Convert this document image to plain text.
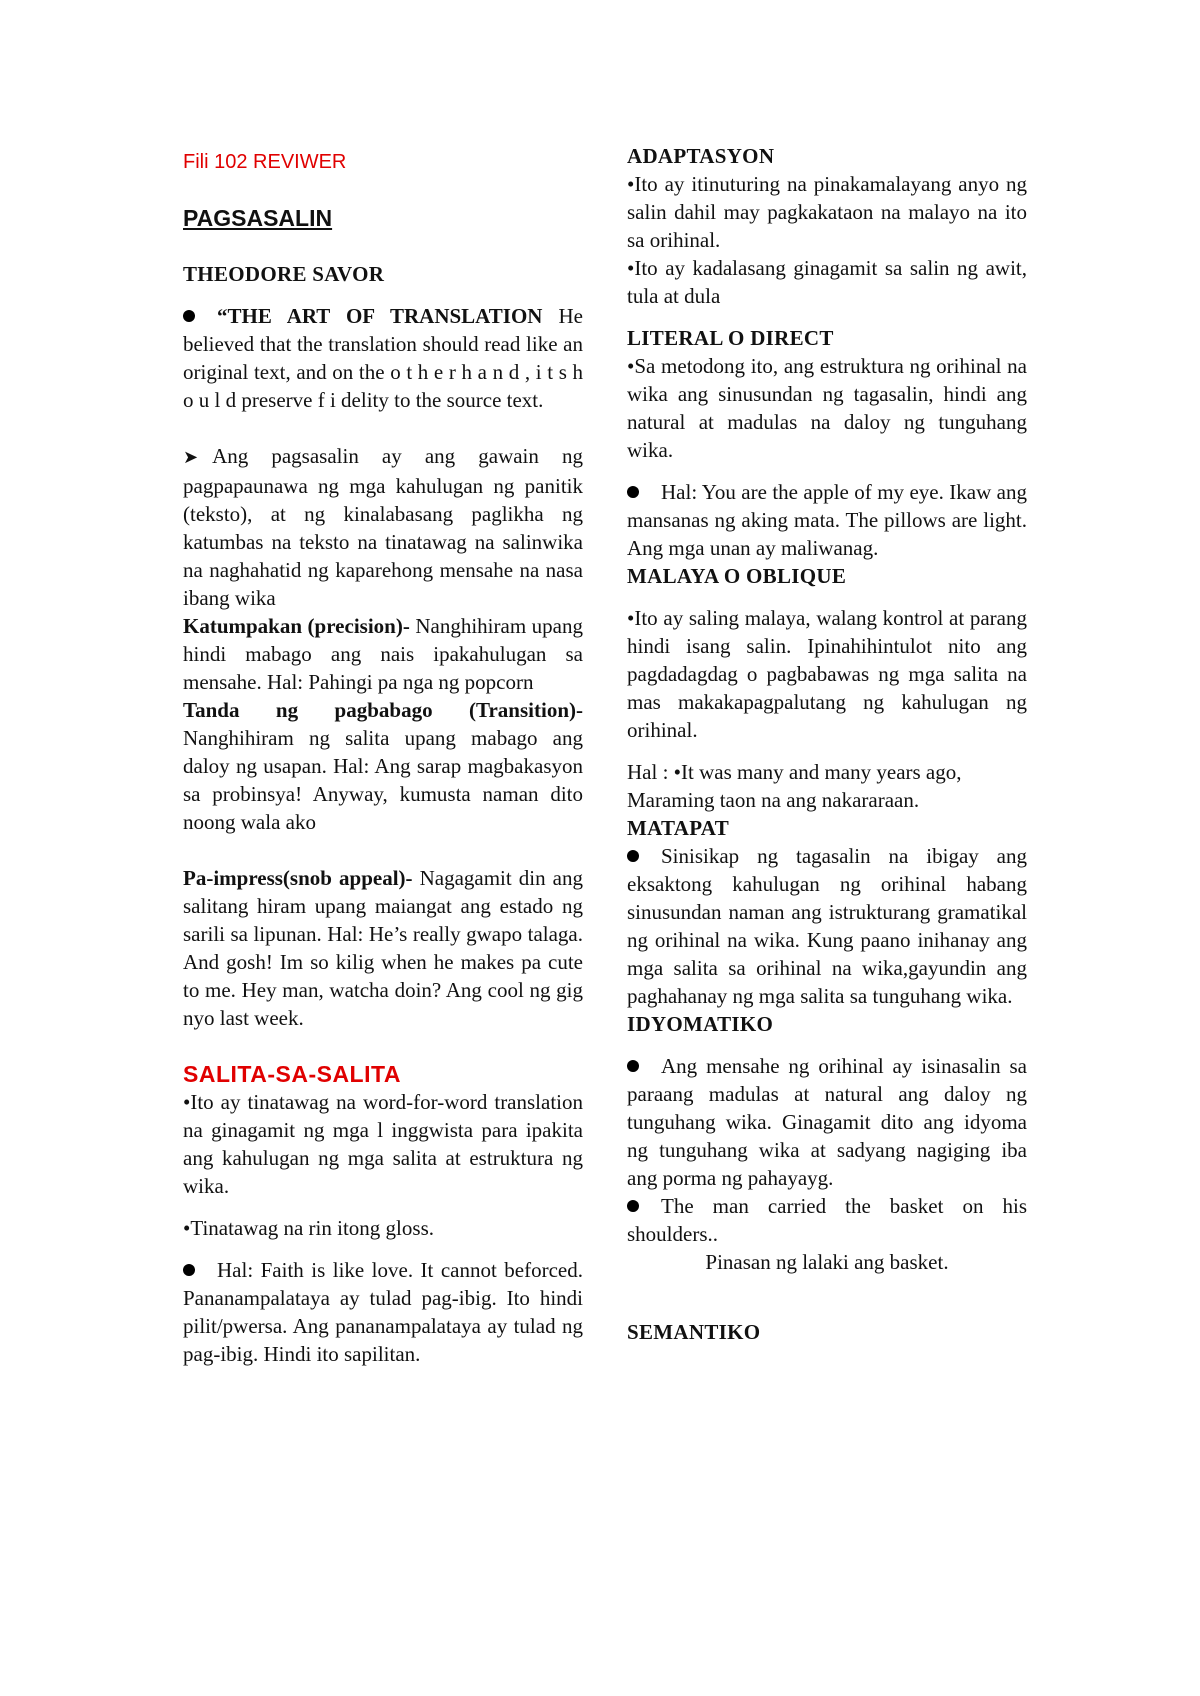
Fili 102 REVIWER

PAGSASALIN

THEODORE SAVOR

“THE ART OF TRANSLATION He believed that the translation should read like an original text, and on the o t h e r h a n d , i t s h o u l d preserve f i delity to the source text.

➤ Ang pagsasalin ay ang gawain ng pagpapaunawa ng mga kahulugan ng panitik (teksto), at ng kinalabasang paglikha ng katumbas na teksto na tinatawag na salinwika na naghahatid ng kaparehong mensahe na nasa ibang wika

Katumpakan (precision)- Nanghihiram upang hindi mabago ang nais ipakahulugan sa mensahe. Hal: Pahingi pa nga ng popcorn

Tanda ng pagbabago (Transition)- Nanghihiram ng salita upang mabago ang daloy ng usapan. Hal: Ang sarap magbakasyon sa probinsya! Anyway, kumusta naman dito noong wala ako

Pa-impress(snob appeal)- Nagagamit din ang salitang hiram upang maiangat ang estado ng sarili sa lipunan. Hal: He’s really gwapo talaga. And gosh! Im so kilig when he makes pa cute to me. Hey man, watcha doin? Ang cool ng gig nyo last week.

SALITA-SA-SALITA

•Ito ay tinatawag na word-for-word translation na ginagamit ng mga l inggwista para ipakita ang kahulugan ng mga salita at estruktura ng wika.

•Tinatawag na rin itong gloss.

Hal: Faith is like love. It cannot beforced. Pananampalataya ay tulad pag-ibig. Ito hindi pilit/pwersa. Ang pananampalataya ay tulad ng pag-ibig. Hindi ito sapilitan.

ADAPTASYON

•Ito ay itinuturing na pinakamalayang anyo ng salin dahil may pagkakataon na malayo na ito sa orihinal.

•Ito ay kadalasang ginagamit sa salin ng awit, tula at dula

LITERAL O DIRECT

•Sa metodong ito, ang estruktura ng orihinal na wika ang sinusundan ng tagasalin, hindi ang natural at madulas na daloy ng tunguhang wika.

Hal: You are the apple of my eye. Ikaw ang mansanas ng aking mata. The pillows are light. Ang mga unan ay maliwanag.

MALAYA O OBLIQUE

•Ito ay saling malaya, walang kontrol at parang hindi isang salin. Ipinahihintulot nito ang pagdadagdag o pagbabawas ng mga salita na mas makakapagpalutang ng kahulugan ng orihinal.

Hal : •It was many and many years ago, Maraming taon na ang nakararaan.

MATAPAT

Sinisikap ng tagasalin na ibigay ang eksaktong kahulugan ng orihinal habang sinusundan naman ang istrukturang gramatikal ng orihinal na wika. Kung paano inihanay ang mga salita sa orihinal na wika,gayundin ang paghahanay ng mga salita sa tunguhang wika.

IDYOMATIKO

Ang mensahe ng orihinal ay isinasalin sa paraang madulas at natural ang daloy ng tunguhang wika. Ginagamit dito ang idyoma ng tunguhang wika at sadyang nagiging iba ang porma ng pahayayg.

The man carried the basket on his shoulders..

Pinasan ng lalaki ang basket.

SEMANTIKO
